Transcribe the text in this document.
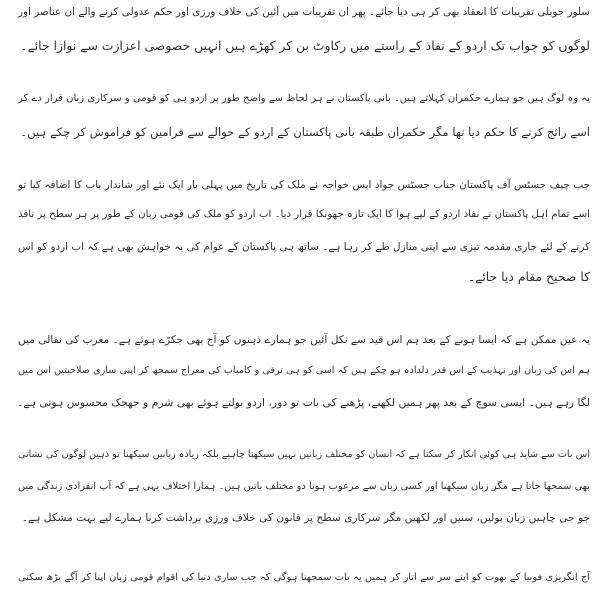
سلور جوبلی تقریبات کا انعقاد بھی کر ہی دیا جائے۔ پھر ان تقریبات میں آئین کی خلاف ورزی اور حکم عدولی کرنے والے ان عناصر اور
لوگوں کو جواب تک اردو کے نفاذ کے راستے میں رکاوٹ بن کر کھڑے ہیں انہیں خصوصی اعزازت سے نوازا جائے۔
یہ وہ لوگ ہیں جو ہمارے حکمران کہلاتے ہیں۔ بانی پاکستان نے ہر لحاظ سے واضح طور پر اردو ہی کو قومی و سرکاری زبان قرار دے کر
اسے رائج کرنے کا حکم دیا تھا مگر حکمران طبقہ بانی پاکستان کے اردو کے حوالے سے فرامین کو فراموش کر چکے ہیں۔
جب چیف جسٹس آف پاکستان جناب جسٹس جواد ایس خواجہ نے ملک کی تاریخ میں پہلی بار ایک نئے اور شاندار باب کا اضافہ کیا تو
اسے تمام اہل پاکستان نے نفاذ اردو کے لیے ہوا کا ایک تازہ جھونکا قرار دیا۔ اب اردو کو ملک کی قومی زبان کے طور پر ہر سطح پر نافذ
کرنے کے لئے جاری مقدمہ تیزی سے اپنی منازل طے کر رہا ہے۔ ساتھ ہی پاکستان کے عوام کی یہ خواہش بھی ہے کہ اب اردو کو اس
کا صحیح مقام دیا جائے۔
یہ عین ممکن ہے کہ ایسا ہونے کے بعد ہم اس قید سے نکل آئیں جو ہمارے ذہنوں کو آج بھی جکڑے ہوئے ہے۔ مغرب کی نقالی میں
ہم اس کی زبان اور تہذیب کے اس قدر دلدادہ ہو چکے ہیں کہ اسی کو ہی ترقی و کامیاب کی معراج سمجھ کر اپنی ساری صلاحیتیں اس میں
لگا رہے ہیں۔ ایسی سوچ کے بعد پھر ہمیں لکھنے، پڑھنے کی بات تو دور، اردو بولتے ہوئے بھی شرم و جھجک محسوس ہوتی ہے۔
اس بات سے شاید ہی کوئی انکار کر سکتا ہے کہ انسان کو مختلف زبانیں نہیں سیکھنا چاہیے بلکہ زیادہ زبانیں سیکھنا تو ذہین لوگوں کی نشانی
بھی سمجھا جاتا ہے مگر زبان سیکھنا اور کسی زبان سے مرعوب ہونا دو مختلف باتیں ہیں۔ ہمارا اختلاف یہی ہے کہ آپ انفرادی زندگی میں
جو جی چاہیں زبان بولیں، سنیں اور لکھیں مگر سرکاری سطح پر قانون کی خلاف ورزی برداشت کرنا ہمارے لیے بہت مشکل ہے۔
آج انگریزی فوبیا کے بھوت کو اپنے سر سے اتار کر ہمیں یہ بات سمجھنا ہوگی کہ جب ساری دنیا کی اقوام قومی زبان اپنا کر آگے بڑھ سکتی
